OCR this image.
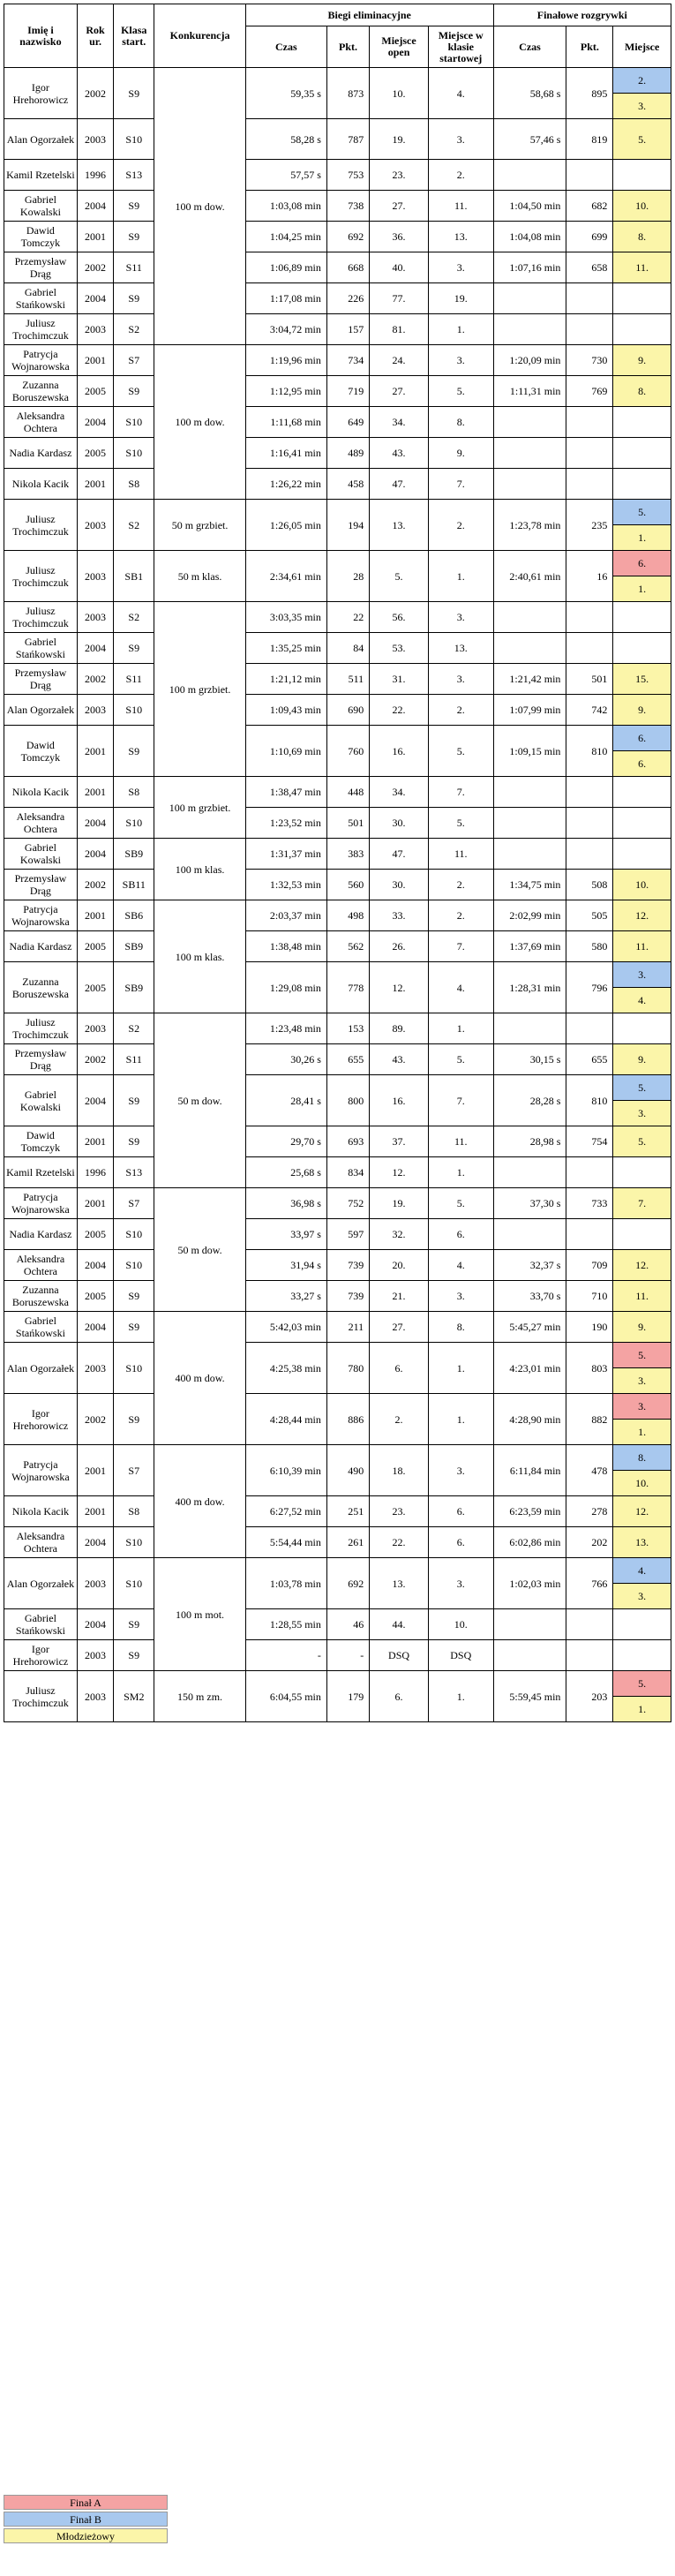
Imię i nazwisko	Rok ur.	Klasa start.	Konkurencja	Biegi eliminacyjne				Finałowe rozgrywki		
				Czas	Pkt.	Miejsce open	Miejsce w klasie startowej	Czas	Pkt.	Miejsce
Igor Hrehorowicz	2002	S9	100 m dow.	59,35 s	873	10.	4.	58,68 s	895	2.
										3.
Alan Ogorzałek	2003	S10		58,28 s	787	19.	3.	57,46 s	819	5.
Kamil Rzetelski	1996	S13		57,57 s	753	23.	2.			
Gabriel Kowalski	2004	S9		1:03,08 min	738	27.	11.	1:04,50 min	682	10.
Dawid Tomczyk	2001	S9		1:04,25 min	692	36.	13.	1:04,08 min	699	8.
Przemysław Drąg	2002	S11		1:06,89 min	668	40.	3.	1:07,16 min	658	11.
Gabriel Stańkowski	2004	S9		1:17,08 min	226	77.	19.			
Juliusz Trochimczuk	2003	S2		3:04,72 min	157	81.	1.			
Patrycja Wojnarowska	2001	S7	100 m dow.	1:19,96 min	734	24.	3.	1:20,09 min	730	9.
Zuzanna Boruszewska	2005	S9		1:12,95 min	719	27.	5.	1:11,31 min	769	8.
Aleksandra Ochtera	2004	S10		1:11,68 min	649	34.	8.			
Nadia Kardasz	2005	S10		1:16,41 min	489	43.	9.			
Nikola Kacik	2001	S8		1:26,22 min	458	47.	7.			
Juliusz Trochimczuk	2003	S2	50 m grzbiet.	1:26,05 min	194	13.	2.	1:23,78 min	235	5.
										1.
Juliusz Trochimczuk	2003	SB1	50 m klas.	2:34,61 min	28	5.	1.	2:40,61 min	16	6.
										1.
Juliusz Trochimczuk	2003	S2	100 m grzbiet.	3:03,35 min	22	56.	3.			
Gabriel Stańkowski	2004	S9		1:35,25 min	84	53.	13.			
Przemysław Drąg	2002	S11		1:21,12 min	511	31.	3.	1:21,42 min	501	15.
Alan Ogorzałek	2003	S10		1:09,43 min	690	22.	2.	1:07,99 min	742	9.
Dawid Tomczyk	2001	S9		1:10,69 min	760	16.	5.	1:09,15 min	810	6.
										6.
Nikola Kacik	2001	S8	100 m grzbiet.	1:38,47 min	448	34.	7.			
Aleksandra Ochtera	2004	S10		1:23,52 min	501	30.	5.			
Gabriel Kowalski	2004	SB9	100 m klas.	1:31,37 min	383	47.	11.			
Przemysław Drąg	2002	SB11		1:32,53 min	560	30.	2.	1:34,75 min	508	10.
Patrycja Wojnarowska	2001	SB6	100 m klas.	2:03,37 min	498	33.	2.	2:02,99 min	505	12.
Nadia Kardasz	2005	SB9		1:38,48 min	562	26.	7.	1:37,69 min	580	11.
Zuzanna Boruszewska	2005	SB9		1:29,08 min	778	12.	4.	1:28,31 min	796	3.
										4.
Juliusz Trochimczuk	2003	S2	50 m dow.	1:23,48 min	153	89.	1.			
Przemysław Drąg	2002	S11		30,26 s	655	43.	5.	30,15 s	655	9.
Gabriel Kowalski	2004	S9		28,41 s	800	16.	7.	28,28 s	810	5.
										3.
Dawid Tomczyk	2001	S9		29,70 s	693	37.	11.	28,98 s	754	5.
Kamil Rzetelski	1996	S13		25,68 s	834	12.	1.			
Patrycja Wojnarowska	2001	S7	50 m dow.	36,98 s	752	19.	5.	37,30 s	733	7.
Nadia Kardasz	2005	S10		33,97 s	597	32.	6.			
Aleksandra Ochtera	2004	S10		31,94 s	739	20.	4.	32,37 s	709	12.
Zuzanna Boruszewska	2005	S9		33,27 s	739	21.	3.	33,70 s	710	11.
Gabriel Stańkowski	2004	S9	400 m dow.	5:42,03 min	211	27.	8.	5:45,27 min	190	9.
Alan Ogorzałek	2003	S10		4:25,38 min	780	6.	1.	4:23,01 min	803	5.
										3.
Igor Hrehorowicz	2002	S9		4:28,44 min	886	2.	1.	4:28,90 min	882	3.
										1.
Patrycja Wojnarowska	2001	S7	400 m dow.	6:10,39 min	490	18.	3.	6:11,84 min	478	8.
										10.
Nikola Kacik	2001	S8		6:27,52 min	251	23.	6.	6:23,59 min	278	12.
Aleksandra Ochtera	2004	S10		5:54,44 min	261	22.	6.	6:02,86 min	202	13.
Alan Ogorzałek	2003	S10	100 m mot.	1:03,78 min	692	13.	3.	1:02,03 min	766	4.
										3.
Gabriel Stańkowski	2004	S9		1:28,55 min	46	44.	10.			
Igor Hrehorowicz	2003	S9		-	-	DSQ	DSQ			
Juliusz Trochimczuk	2003	SM2	150 m zm.	6:04,55 min	179	6.	1.	5:59,45 min	203	5.
										1.
Finał A
Finał B
Młodzieżowy
